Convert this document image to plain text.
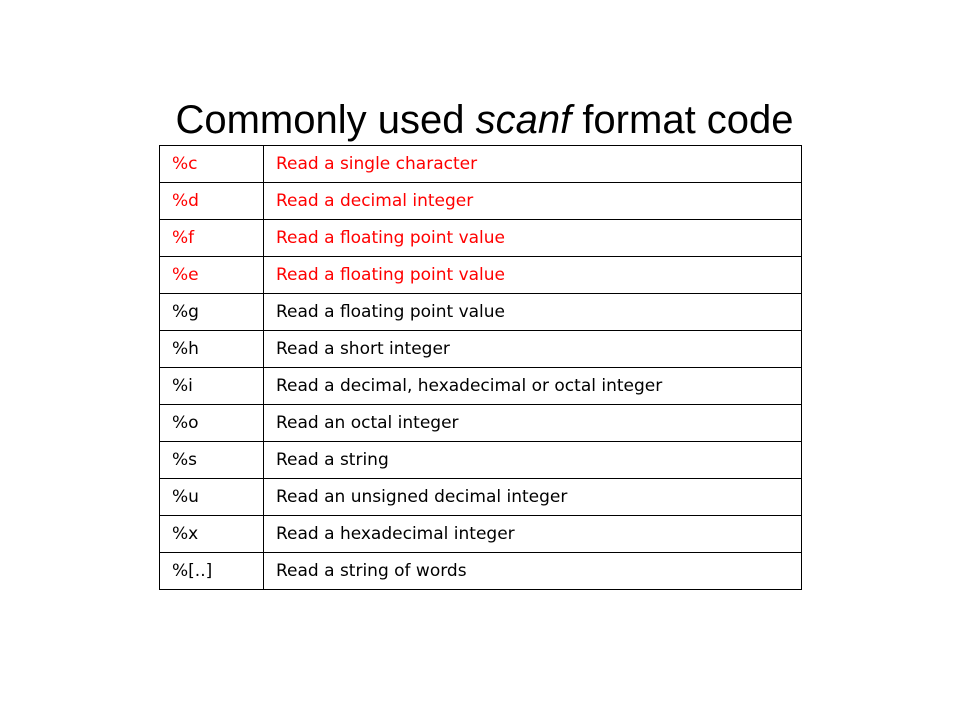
Commonly used scanf format code
%c	Read a single character
%d	Read a decimal integer
%f	Read a floating point value
%e	Read a floating point value
%g	Read a floating point value
%h	Read a short integer
%i	Read a decimal, hexadecimal or octal integer
%o	Read an octal integer
%s	Read a string
%u	Read an unsigned decimal integer
%x	Read a hexadecimal integer
%[..]	Read a string of words
